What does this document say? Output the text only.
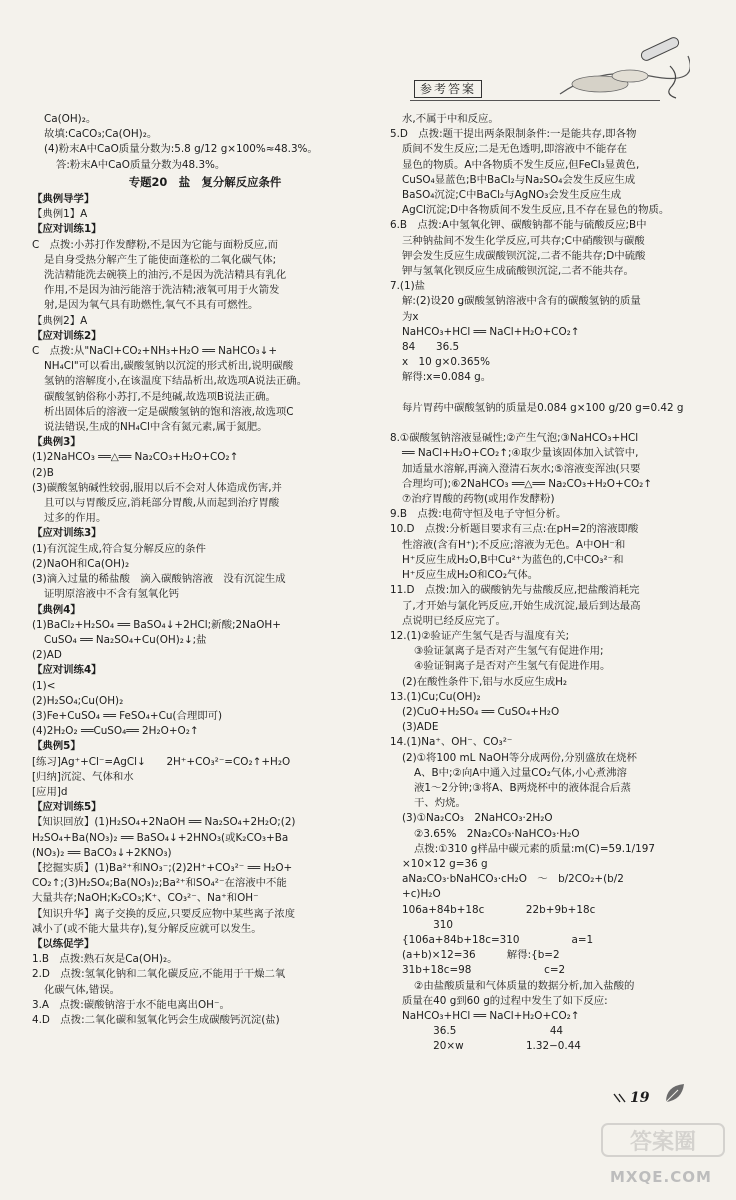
参考答案
Ca(OH)₂。
故填:CaCO₃;Ca(OH)₂。
(4)粉末A中CaO质量分数为:5.8 g/12 g×100%≈48.3%。
答:粉末A中CaO质量分数为48.3%。
专题20　盐　复分解反应条件
【典例导学】
【典例1】A
【应对训练1】
C　点拨:小苏打作发酵粉,不是因为它能与面粉反应,而
是自身受热分解产生了能使面蓬松的二氧化碳气体;
洗洁精能洗去碗筷上的油污,不是因为洗洁精具有乳化
作用,不是因为油污能溶于洗洁精;液氧可用于火箭发
射,是因为氧气具有助燃性,氧气不具有可燃性。
【典例2】A
【应对训练2】
C　点拨:从"NaCl+CO₂+NH₃+H₂O ══ NaHCO₃↓+
NH₄Cl"可以看出,碳酸氢钠以沉淀的形式析出,说明碳酸
氢钠的溶解度小,在该温度下结晶析出,故选项A说法正确。
碳酸氢钠俗称小苏打,不是纯碱,故选项B说法正确。
析出固体后的溶液一定是碳酸氢钠的饱和溶液,故选项C
说法错误,生成的NH₄Cl中含有氮元素,属于氮肥。
【典例3】
(1)2NaHCO₃ ══△══ Na₂CO₃+H₂O+CO₂↑
(2)B
(3)碳酸氢钠碱性较弱,服用以后不会对人体造成伤害,并
且可以与胃酸反应,消耗部分胃酸,从而起到治疗胃酸
过多的作用。
【应对训练3】
(1)有沉淀生成,符合复分解反应的条件
(2)NaOH和Ca(OH)₂
(3)滴入过量的稀盐酸　滴入碳酸钠溶液　没有沉淀生成
证明原溶液中不含有氢氧化钙
【典例4】
(1)BaCl₂+H₂SO₄ ══ BaSO₄↓+2HCl;新酸;2NaOH+
CuSO₄ ══ Na₂SO₄+Cu(OH)₂↓;盐
(2)AD
【应对训练4】
(1)<
(2)H₂SO₄;Cu(OH)₂
(3)Fe+CuSO₄ ══ FeSO₄+Cu(合理即可)
(4)2H₂O₂ ══CuSO₄══ 2H₂O+O₂↑
【典例5】
[练习]Ag⁺+Cl⁻=AgCl↓　　2H⁺+CO₃²⁻=CO₂↑+H₂O
[归纳]沉淀、气体和水
[应用]d
【应对训练5】
【知识回放】(1)H₂SO₄+2NaOH ══ Na₂SO₄+2H₂O;(2)
H₂SO₄+Ba(NO₃)₂ ══ BaSO₄↓+2HNO₃(或K₂CO₃+Ba
(NO₃)₂ ══ BaCO₃↓+2KNO₃)
【挖掘实质】(1)Ba²⁺和NO₃⁻;(2)2H⁺+CO₃²⁻ ══ H₂O+
CO₂↑;(3)H₂SO₄;Ba(NO₃)₂;Ba²⁺和SO₄²⁻在溶液中不能
大量共存;NaOH;K₂CO₃;K⁺、CO₃²⁻、Na⁺和OH⁻
【知识升华】离子交换的反应,只要反应物中某些离子浓度
减小了(或不能大量共存),复分解反应就可以发生。
【以练促学】
1.B　点拨:熟石灰是Ca(OH)₂。
2.D　点拨:氢氧化钠和二氧化碳反应,不能用于干燥二氧
化碳气体,错误。
3.A　点拨:碳酸钠溶于水不能电离出OH⁻。
4.D　点拨:二氧化碳和氢氧化钙会生成碳酸钙沉淀(盐)
水,不属于中和反应。
5.D　点拨:题干提出两条限制条件:一是能共存,即各物
质间不发生反应;二是无色透明,即溶液中不能存在
显色的物质。A中各物质不发生反应,但FeCl₃显黄色,
CuSO₄显蓝色;B中BaCl₂与Na₂SO₄会发生反应生成
BaSO₄沉淀;C中BaCl₂与AgNO₃会发生反应生成
AgCl沉淀;D中各物质间不发生反应,且不存在显色的物质。
6.B　点拨:A中氢氧化钾、碳酸钠都不能与硫酸反应;B中
三种钠盐间不发生化学反应,可共存;C中硝酸钡与碳酸
钾会发生反应生成碳酸钡沉淀,二者不能共存;D中硫酸
钾与氢氧化钡反应生成硫酸钡沉淀,二者不能共存。
7.(1)盐
解:(2)设20 g碳酸氢钠溶液中含有的碳酸氢钠的质量
为x
NaHCO₃+HCl ══ NaCl+H₂O+CO₂↑
84　　36.5
x　10 g×0.365%
解得:x=0.084 g。

每片胃药中碳酸氢钠的质量是0.084 g×100 g/20 g=0.42 g

8.①碳酸氢钠溶液显碱性;②产生气泡;③NaHCO₃+HCl
══ NaCl+H₂O+CO₂↑;④取少量该固体加入试管中,
加适量水溶解,再滴入澄清石灰水;⑤溶液变浑浊(只要
合理均可);⑥2NaHCO₃ ══△══ Na₂CO₃+H₂O+CO₂↑
⑦治疗胃酸的药物(或用作发酵粉)
9.B　点拨:电荷守恒及电子守恒分析。
10.D　点拨:分析题目要求有三点:在pH=2的溶液即酸
性溶液(含有H⁺);不反应;溶液为无色。A中OH⁻和
H⁺反应生成H₂O,B中Cu²⁺为蓝色的,C中CO₃²⁻和
H⁺反应生成H₂O和CO₂气体。
11.D　点拨:加入的碳酸钠先与盐酸反应,把盐酸消耗完
了,才开始与氯化钙反应,开始生成沉淀,最后到达最高
点说明已经反应完了。
12.(1)②验证产生氢气是否与温度有关;
③验证氯离子是否对产生氢气有促进作用;
④验证铜离子是否对产生氢气有促进作用。
(2)在酸性条件下,铝与水反应生成H₂
13.(1)Cu;Cu(OH)₂
(2)CuO+H₂SO₄ ══ CuSO₄+H₂O
(3)ADE
14.(1)Na⁺、OH⁻、CO₃²⁻
(2)①将100 mL NaOH等分成两份,分别盛放在烧杯
A、B中;②向A中通入过量CO₂气体,小心煮沸溶
液1～2分钟;③将A、B两烧杯中的液体混合后蒸
干、灼烧。
(3)①Na₂CO₃　2NaHCO₃·2H₂O
②3.65%　2Na₂CO₃·NaHCO₃·H₂O
点拨:①310 g样品中碳元素的质量:m(C)=59.1/197
×10×12 g=36 g
aNa₂CO₃·bNaHCO₃·cH₂O　～　b/2CO₂+(b/2
+c)H₂O
106a+84b+18c　　　　22b+9b+18c
　　　310
{106a+84b+18c=310　　　　　a=1
(a+b)×12=36　　　解得:{b=2
31b+18c=98　　　　　　　c=2
②由盐酸质量和气体质量的数据分析,加入盐酸的
质量在40 g到60 g的过程中发生了如下反应:
NaHCO₃+HCl ══ NaCl+H₂O+CO₂↑
　　　36.5　　　　　　　　　44
　　　20×w　　　　　　1.32−0.44
19
答案圈
MXQE.COM
